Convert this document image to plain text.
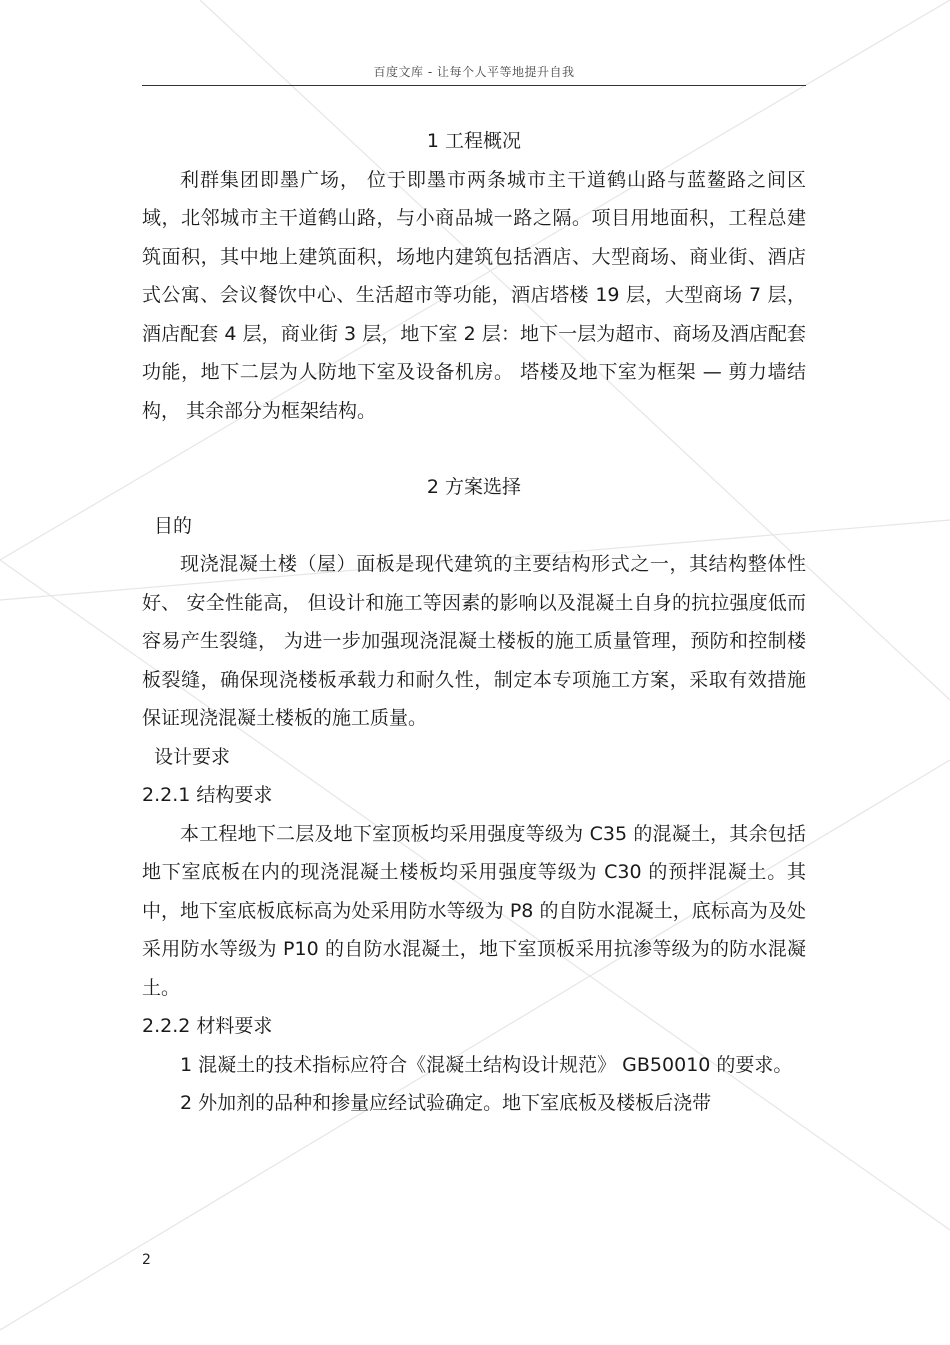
百度文库 - 让每个人平等地提升自我

1 工程概况

利群集团即墨广场， 位于即墨市两条城市主干道鹤山路与蓝鳌路之间区域，北邻城市主干道鹤山路，与小商品城一路之隔。项目用地面积，工程总建筑面积，其中地上建筑面积，场地内建筑包括酒店、大型商场、商业街、酒店式公寓、会议餐饮中心、生活超市等功能，酒店塔楼 19 层，大型商场 7 层，酒店配套 4 层，商业街 3 层，地下室 2 层：地下一层为超市、商场及酒店配套功能，地下二层为人防地下室及设备机房。 塔楼及地下室为框架 — 剪力墙结构， 其余部分为框架结构。

2 方案选择

目的

现浇混凝土楼（屋）面板是现代建筑的主要结构形式之一，其结构整体性好、 安全性能高， 但设计和施工等因素的影响以及混凝土自身的抗拉强度低而容易产生裂缝， 为进一步加强现浇混凝土楼板的施工质量管理，预防和控制楼板裂缝，确保现浇楼板承载力和耐久性，制定本专项施工方案，采取有效措施保证现浇混凝土楼板的施工质量。

设计要求

2.2.1 结构要求

本工程地下二层及地下室顶板均采用强度等级为 C35 的混凝土，其余包括地下室底板在内的现浇混凝土楼板均采用强度等级为 C30 的预拌混凝土。其中，地下室底板底标高为处采用防水等级为 P8 的自防水混凝土，底标高为及处采用防水等级为 P10 的自防水混凝土，地下室顶板采用抗渗等级为的防水混凝土。

2.2.2 材料要求

1 混凝土的技术指标应符合《混凝土结构设计规范》 GB50010 的要求。

2 外加剂的品种和掺量应经试验确定。地下室底板及楼板后浇带

2
